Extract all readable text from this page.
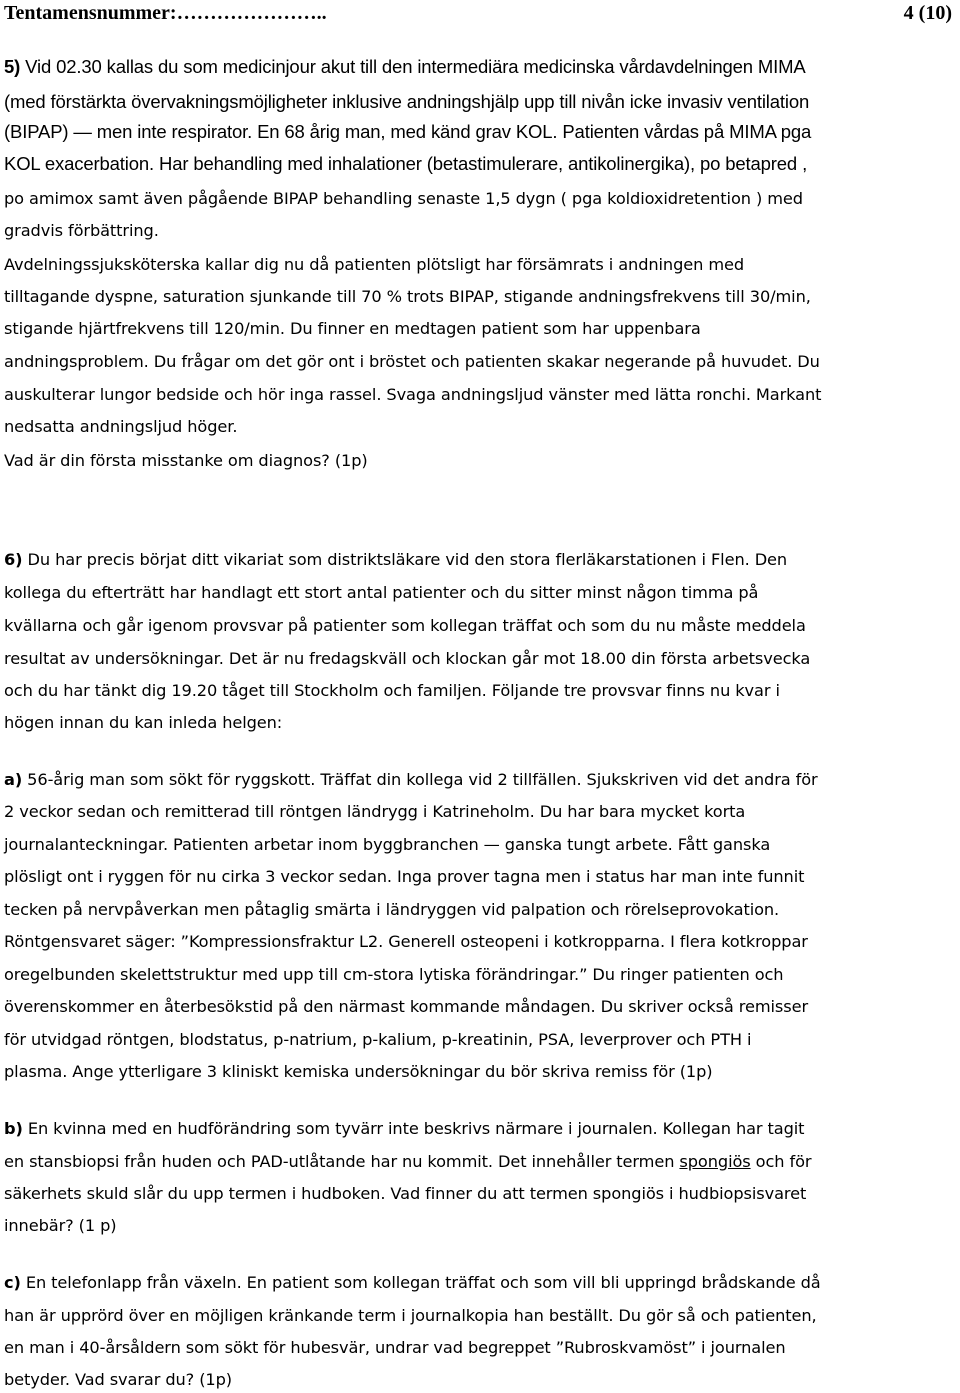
Tentamensnummer:…………………..	4 (10)
5) Vid 02.30 kallas du som medicinjour akut till den intermediära medicinska vårdavdelningen MIMA
(med förstärkta övervakningsmöjligheter inklusive andningshjälp upp till nivån icke invasiv ventilation
(BIPAP) — men inte respirator. En 68 årig man, med känd grav KOL. Patienten vårdas på MIMA pga
KOL exacerbation. Har behandling med inhalationer (betastimulerare, antikolinergika), po betapred ,
po amimox samt även pågående BIPAP behandling senaste 1,5 dygn ( pga koldioxidretention ) med
gradvis förbättring.
Avdelningssjuksköterska kallar dig nu då patienten plötsligt har försämrats i andningen med
tilltagande dyspne, saturation sjunkande till 70 % trots BIPAP, stigande andningsfrekvens till 30/min,
stigande hjärtfrekvens till 120/min. Du finner en medtagen patient som har uppenbara
andningsproblem. Du frågar om det gör ont i bröstet och patienten skakar negerande på huvudet. Du
auskulterar lungor bedside och hör inga rassel. Svaga andningsljud vänster med lätta ronchi. Markant
nedsatta andningsljud höger.
Vad är din första misstanke om diagnos? (1p)
6) Du har precis börjat ditt vikariat som distriktsläkare vid den stora flerläkarstationen i Flen. Den
kollega du efterträtt har handlagt ett stort antal patienter och du sitter minst någon timma på
kvällarna och går igenom provsvar på patienter som kollegan träffat och som du nu måste meddela
resultat av undersökningar. Det är nu fredagskväll och klockan går mot 18.00 din första arbetsvecka
och du har tänkt dig 19.20 tåget till Stockholm och familjen. Följande tre provsvar finns nu kvar i
högen innan du kan inleda helgen:
a) 56-årig man som sökt för ryggskott. Träffat din kollega vid 2 tillfällen. Sjukskriven vid det andra för
2 veckor sedan och remitterad till röntgen ländrygg i Katrineholm. Du har bara mycket korta
journalanteckningar. Patienten arbetar inom byggbranchen — ganska tungt arbete. Fått ganska
plösligt ont i ryggen för nu cirka 3 veckor sedan. Inga prover tagna men i status har man inte funnit
tecken på nervpåverkan men påtaglig smärta i ländryggen vid palpation och rörelseprovokation.
Röntgensvaret säger: ”Kompressionsfraktur L2. Generell osteopeni i kotkropparna. I flera kotkroppar
oregelbunden skelettstruktur med upp till cm-stora lytiska förändringar.” Du ringer patienten och
överenskommer en återbesökstid på den närmast kommande måndagen. Du skriver också remisser
för utvidgad röntgen, blodstatus, p-natrium, p-kalium, p-kreatinin, PSA, leverprover och PTH i
plasma. Ange ytterligare 3 kliniskt kemiska undersökningar du bör skriva remiss för (1p)
b) En kvinna med en hudförändring som tyvärr inte beskrivs närmare i journalen. Kollegan har tagit
en stansbiopsi från huden och PAD-utlåtande har nu kommit. Det innehåller termen spongiös och för
säkerhets skuld slår du upp termen i hudboken. Vad finner du att termen spongiös i hudbiopsisvaret
innebär? (1 p)
c) En telefonlapp från växeln. En patient som kollegan träffat och som vill bli uppringd brådskande då
han är upprörd över en möjligen kränkande term i journalkopia han beställt. Du gör så och patienten,
en man i 40-årsåldern som sökt för hubesvär, undrar vad begreppet ”Rubroskvamöst” i journalen
betyder. Vad svarar du? (1p)
